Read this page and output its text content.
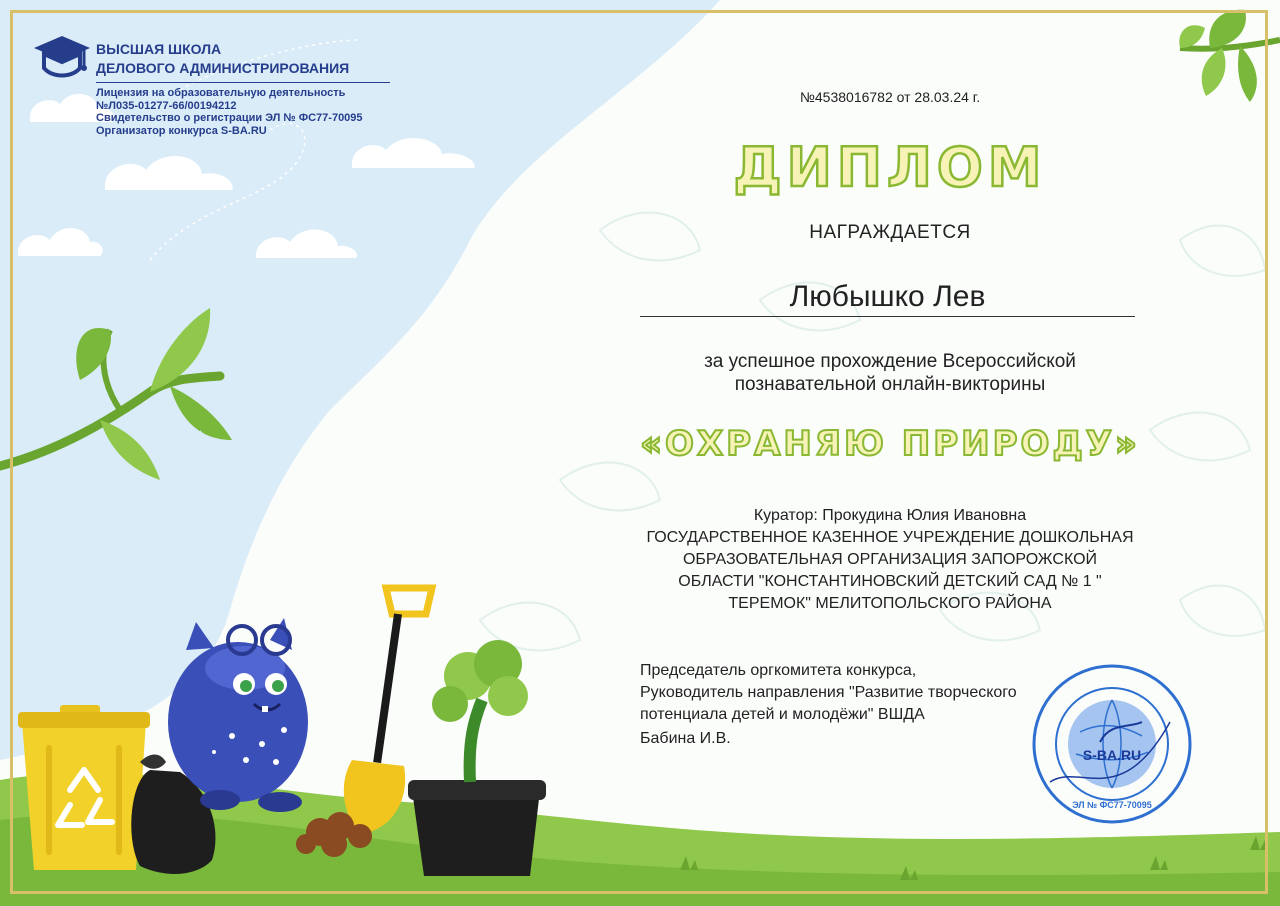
ВЫСШАЯ ШКОЛА
ДЕЛОВОГО АДМИНИСТРИРОВАНИЯ
Лицензия на образовательную деятельность
№Л035-01277-66/00194212
Свидетельство о регистрации ЭЛ № ФС77-70095
Организатор конкурса S-BA.RU
№4538016782 от 28.03.24 г.
ДИПЛОМ
НАГРАЖДАЕТСЯ
Любышко Лев
за успешное прохождение Всероссийской
познавательной онлайн-викторины
«ОХРАНЯЮ ПРИРОДУ»
Куратор: Прокудина Юлия Ивановна
ГОСУДАРСТВЕННОЕ КАЗЕННОЕ УЧРЕЖДЕНИЕ ДОШКОЛЬНАЯ
ОБРАЗОВАТЕЛЬНАЯ ОРГАНИЗАЦИЯ ЗАПОРОЖСКОЙ
ОБЛАСТИ "КОНСТАНТИНОВСКИЙ ДЕТСКИЙ САД № 1 "
ТЕРЕМОК" МЕЛИТОПОЛЬСКОГО РАЙОНА
Председатель оргкомитета конкурса,
Руководитель направления "Развитие творческого
потенциала детей и молодёжи" ВШДА
Бабина И.В.
S-BA.RU
ЭЛ № ФС77-70095
